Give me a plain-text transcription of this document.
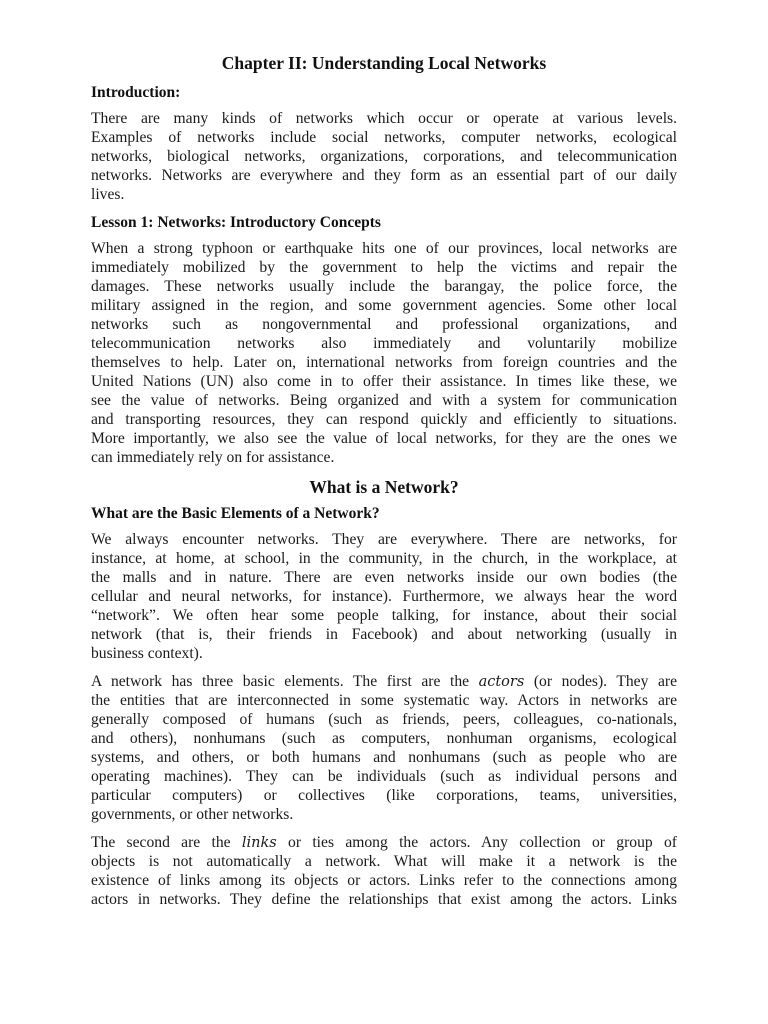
Chapter II: Understanding Local Networks
Introduction:
There are many kinds of networks which occur or operate at various levels.
Examples of networks include social networks, computer networks, ecological
networks, biological networks, organizations, corporations, and telecommunication
networks. Networks are everywhere and they form as an essential part of our daily
lives.
Lesson 1: Networks: Introductory Concepts
When a strong typhoon or earthquake hits one of our provinces, local networks are
immediately mobilized by the government to help the victims and repair the
damages. These networks usually include the barangay, the police force, the
military assigned in the region, and some government agencies. Some other local
networks such as nongovernmental and professional organizations, and
telecommunication networks also immediately and voluntarily mobilize
themselves to help. Later on, international networks from foreign countries and the
United Nations (UN) also come in to offer their assistance. In times like these, we
see the value of networks. Being organized and with a system for communication
and transporting resources, they can respond quickly and efficiently to situations.
More importantly, we also see the value of local networks, for they are the ones we
can immediately rely on for assistance.
What is a Network?
What are the Basic Elements of a Network?
We always encounter networks. They are everywhere. There are networks, for
instance, at home, at school, in the community, in the church, in the workplace, at
the malls and in nature. There are even networks inside our own bodies (the
cellular and neural networks, for instance). Furthermore, we always hear the word
“network”. We often hear some people talking, for instance, about their social
network (that is, their friends in Facebook) and about networking (usually in
business context).
A network has three basic elements. The first are the actors (or nodes). They are
the entities that are interconnected in some systematic way. Actors in networks are
generally composed of humans (such as friends, peers, colleagues, co-nationals,
and others), nonhumans (such as computers, nonhuman organisms, ecological
systems, and others, or both humans and nonhumans (such as people who are
operating machines). They can be individuals (such as individual persons and
particular computers) or collectives (like corporations, teams, universities,
governments, or other networks.
The second are the links or ties among the actors. Any collection or group of
objects is not automatically a network. What will make it a network is the
existence of links among its objects or actors. Links refer to the connections among
actors in networks. They define the relationships that exist among the actors. Links
